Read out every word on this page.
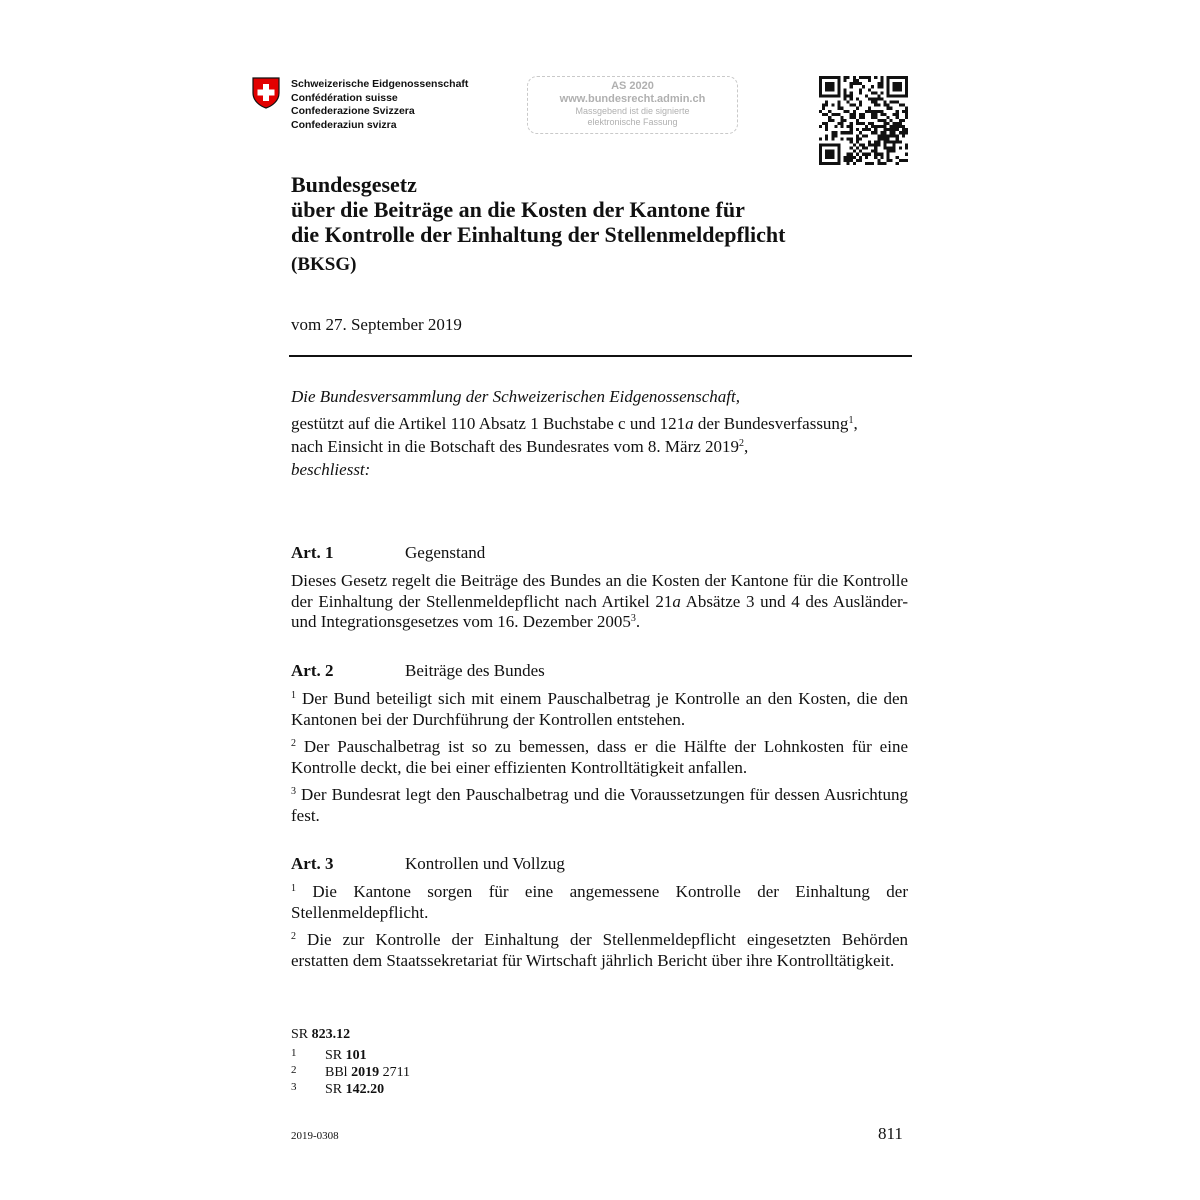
Schweizerische Eidgenossenschaft
Confédération suisse
Confederazione Svizzera
Confederaziun svizra
AS 2020
www.bundesrecht.admin.ch
Massgebend ist die signierte
elektronische Fassung
Bundesgesetz
über die Beiträge an die Kosten der Kantone für
die Kontrolle der Einhaltung der Stellenmeldepflicht
(BKSG)
vom 27. September 2019
Die Bundesversammlung der Schweizerischen Eidgenossenschaft,
gestützt auf die Artikel 110 Absatz 1 Buchstabe c und 121a der Bundesverfassung$^1$,
nach Einsicht in die Botschaft des Bundesrates vom 8. März 2019$^2$,
beschliesst:
Art. 1	Gegenstand
Dieses Gesetz regelt die Beiträge des Bundes an die Kosten der Kantone für die Kontrolle der Einhaltung der Stellenmeldepflicht nach Artikel 21a Absätze 3 und 4 des Ausländer- und Integrationsgesetzes vom 16. Dezember 2005$^3$.
Art. 2	Beiträge des Bundes
$^1$ Der Bund beteiligt sich mit einem Pauschalbetrag je Kontrolle an den Kosten, die den Kantonen bei der Durchführung der Kontrollen entstehen.
$^2$ Der Pauschalbetrag ist so zu bemessen, dass er die Hälfte der Lohnkosten für eine Kontrolle deckt, die bei einer effizienten Kontrolltätigkeit anfallen.
$^3$ Der Bundesrat legt den Pauschalbetrag und die Voraussetzungen für dessen Ausrichtung fest.
Art. 3	Kontrollen und Vollzug
$^1$ Die Kantone sorgen für eine angemessene Kontrolle der Einhaltung der Stellenmeldepflicht.
$^2$ Die zur Kontrolle der Einhaltung der Stellenmeldepflicht eingesetzten Behörden erstatten dem Staatssekretariat für Wirtschaft jährlich Bericht über ihre Kontrolltätigkeit.
SR 823.12
1 SR 101
2 BBl 2019 2711
3 SR 142.20
2019-0308	811
